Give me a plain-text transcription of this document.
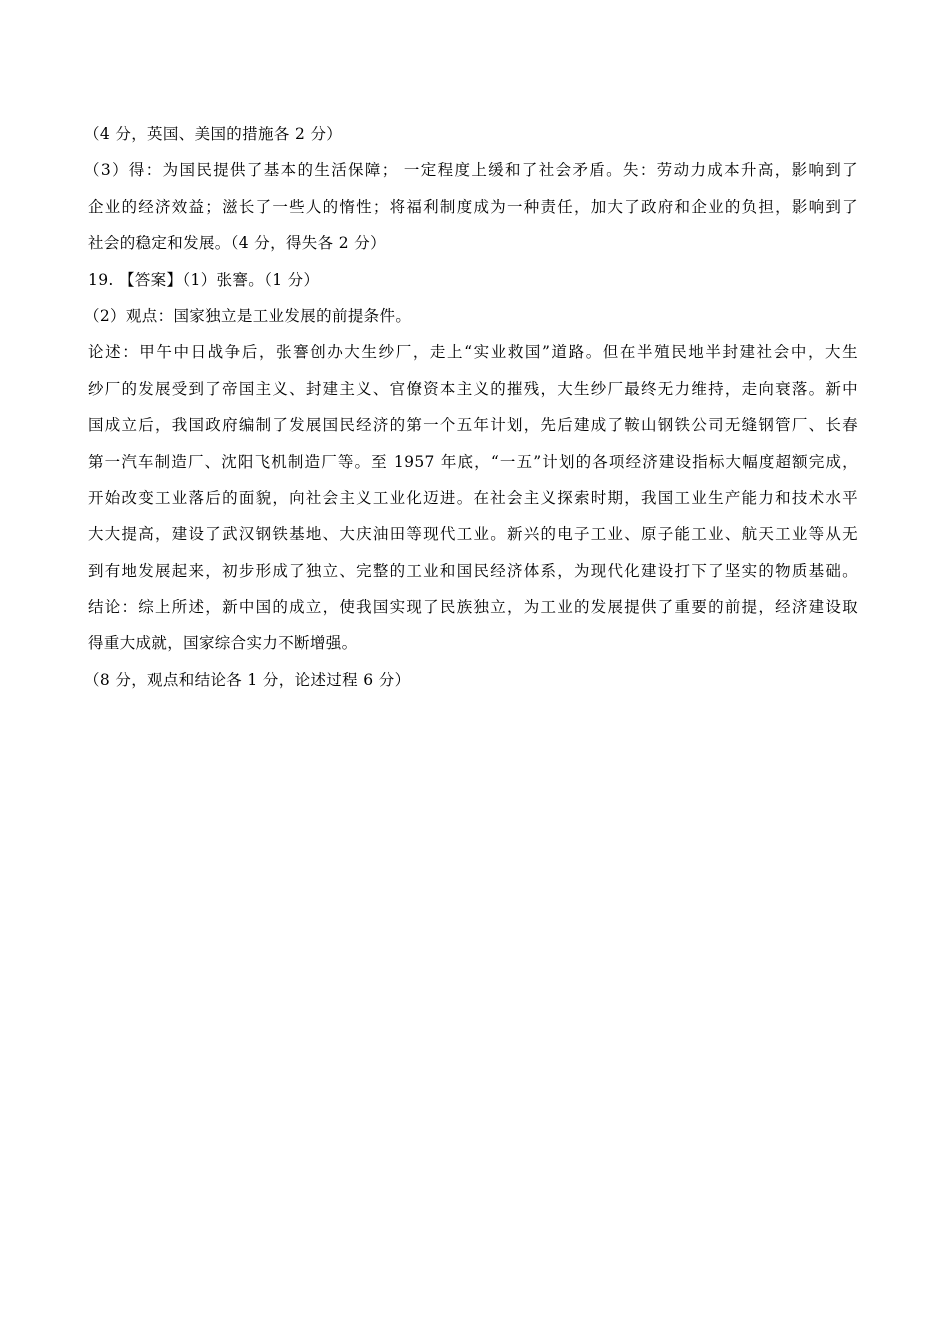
（4 分，英国、美国的措施各 2 分）
（3）得：为国民提供了基本的生活保障； 一定程度上缓和了社会矛盾。失：劳动力成本升高，影响到了
企业的经济效益；滋长了一些人的惰性；将福利制度成为一种责任，加大了政府和企业的负担，影响到了
社会的稳定和发展。（4 分，得失各 2 分）
19. 【答案】（1）张謇。（1 分）
（2）观点：国家独立是工业发展的前提条件。
论述：甲午中日战争后，张謇创办大生纱厂，走上“实业救国”道路。但在半殖民地半封建社会中，大生
纱厂的发展受到了帝国主义、封建主义、官僚资本主义的摧残，大生纱厂最终无力维持，走向衰落。新中
国成立后，我国政府编制了发展国民经济的第一个五年计划，先后建成了鞍山钢铁公司无缝钢管厂、长春
第一汽车制造厂、沈阳飞机制造厂等。至 1957 年底，“一五”计划的各项经济建设指标大幅度超额完成，
开始改变工业落后的面貌，向社会主义工业化迈进。在社会主义探索时期，我国工业生产能力和技术水平
大大提高，建设了武汉钢铁基地、大庆油田等现代工业。新兴的电子工业、原子能工业、航天工业等从无
到有地发展起来，初步形成了独立、完整的工业和国民经济体系，为现代化建设打下了坚实的物质基础。
结论：综上所述，新中国的成立，使我国实现了民族独立，为工业的发展提供了重要的前提，经济建设取
得重大成就，国家综合实力不断增强。
（8 分，观点和结论各 1 分，论述过程 6 分）
